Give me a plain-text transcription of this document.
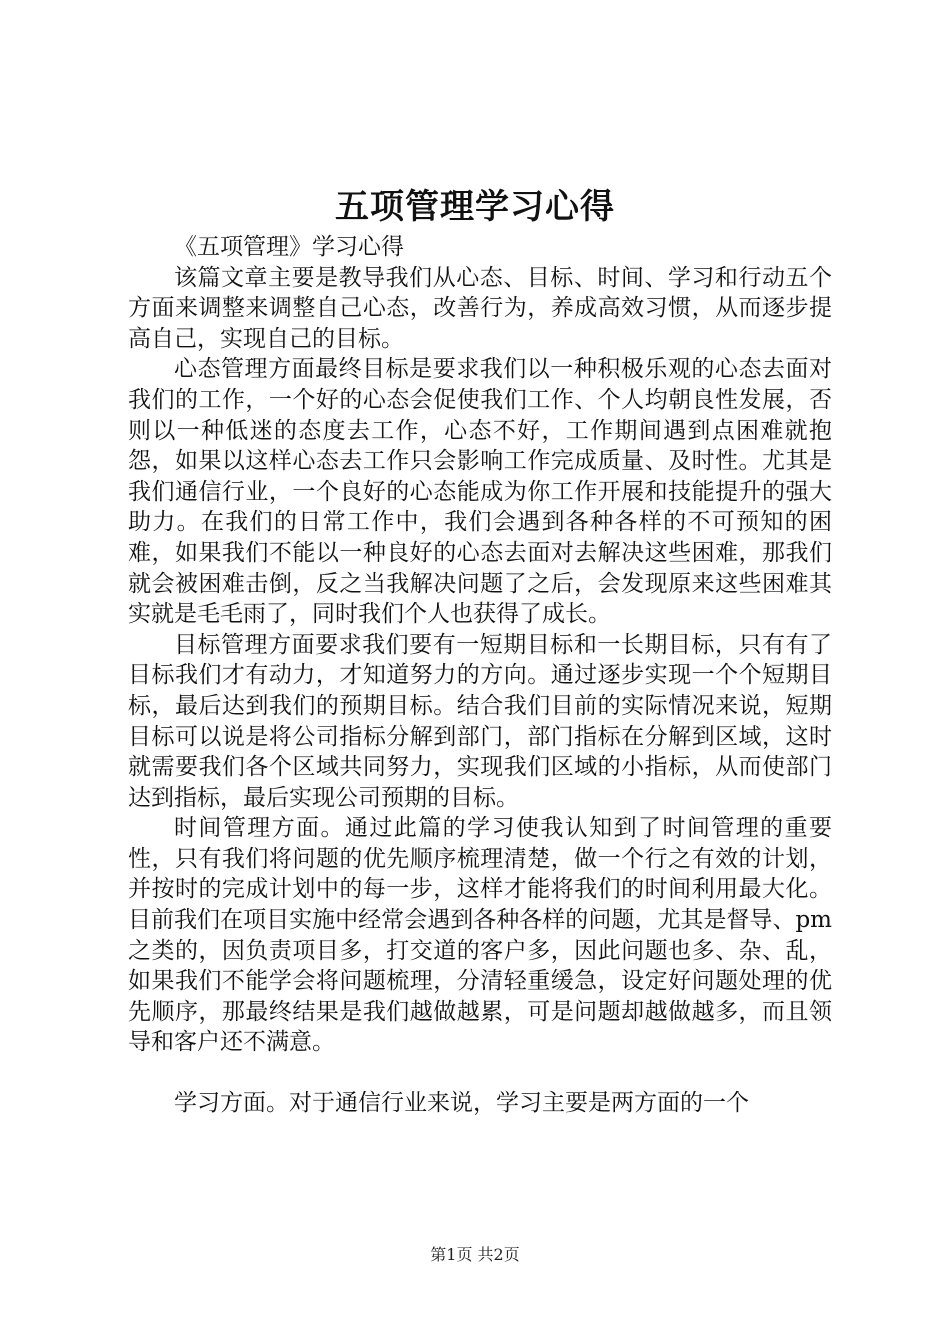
五项管理学习心得

《五项管理》学习心得

该篇文章主要是教导我们从心态、目标、时间、学习和行动五个方面来调整来调整自己心态，改善行为，养成高效习惯，从而逐步提高自己，实现自己的目标。

心态管理方面最终目标是要求我们以一种积极乐观的心态去面对我们的工作，一个好的心态会促使我们工作、个人均朝良性发展，否则以一种低迷的态度去工作，心态不好，工作期间遇到点困难就抱怨，如果以这样心态去工作只会影响工作完成质量、及时性。尤其是我们通信行业，一个良好的心态能成为你工作开展和技能提升的强大助力。在我们的日常工作中，我们会遇到各种各样的不可预知的困难，如果我们不能以一种良好的心态去面对去解决这些困难，那我们就会被困难击倒，反之当我解决问题了之后，会发现原来这些困难其实就是毛毛雨了，同时我们个人也获得了成长。

目标管理方面要求我们要有一短期目标和一长期目标，只有有了目标我们才有动力，才知道努力的方向。通过逐步实现一个个短期目标，最后达到我们的预期目标。结合我们目前的实际情况来说，短期目标可以说是将公司指标分解到部门，部门指标在分解到区域，这时就需要我们各个区域共同努力，实现我们区域的小指标，从而使部门达到指标，最后实现公司预期的目标。

时间管理方面。通过此篇的学习使我认知到了时间管理的重要性，只有我们将问题的优先顺序梳理清楚，做一个行之有效的计划，并按时的完成计划中的每一步，这样才能将我们的时间利用最大化。目前我们在项目实施中经常会遇到各种各样的问题，尤其是督导、pm之类的，因负责项目多，打交道的客户多，因此问题也多、杂、乱，如果我们不能学会将问题梳理，分清轻重缓急，设定好问题处理的优先顺序，那最终结果是我们越做越累，可是问题却越做越多，而且领导和客户还不满意。

学习方面。对于通信行业来说，学习主要是两方面的一个

第1页 共2页
